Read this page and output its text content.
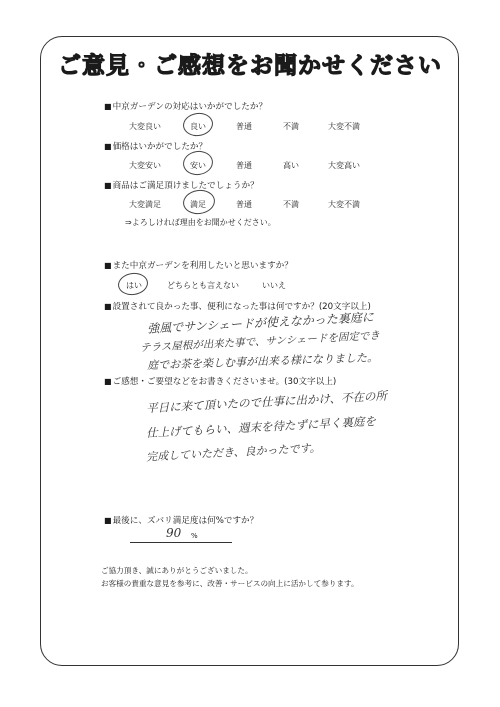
ご意見・ご感想をお聞かせください
■ 中京ガーデンの対応はいかがでしたか？
大変良い	良い	普通	不満	大変不満
■ 価格はいかがでしたか？
大変安い	安い	普通	高い	大変高い
■ 商品はご満足頂けましたでしょうか？
大変満足	満足	普通	不満	大変不満
⇒よろしければ理由をお聞かせください。
■ また中京ガーデンを利用したいと思いますか？
はい	どちらとも言えない	いいえ
■ 設置されて良かった事、便利になった事は何ですか？(20文字以上)
強風でサンシェードが使えなかった裏庭に
テラス屋根が出来た事で、サンシェードを固定でき
庭でお茶を楽しむ事が出来る様になりました。
■ ご感想・ご要望などをお書きくださいませ。(30文字以上)
平日に来て頂いたので仕事に出かけ、不在の所
仕上げてもらい、週末を待たずに早く裏庭を
完成していただき、良かったです。
■ 最後に、ズバリ満足度は何%ですか？
90 %
ご協力頂き、誠にありがとうございました。
お客様の貴重な意見を参考に、改善・サービスの向上に活かして参ります。
